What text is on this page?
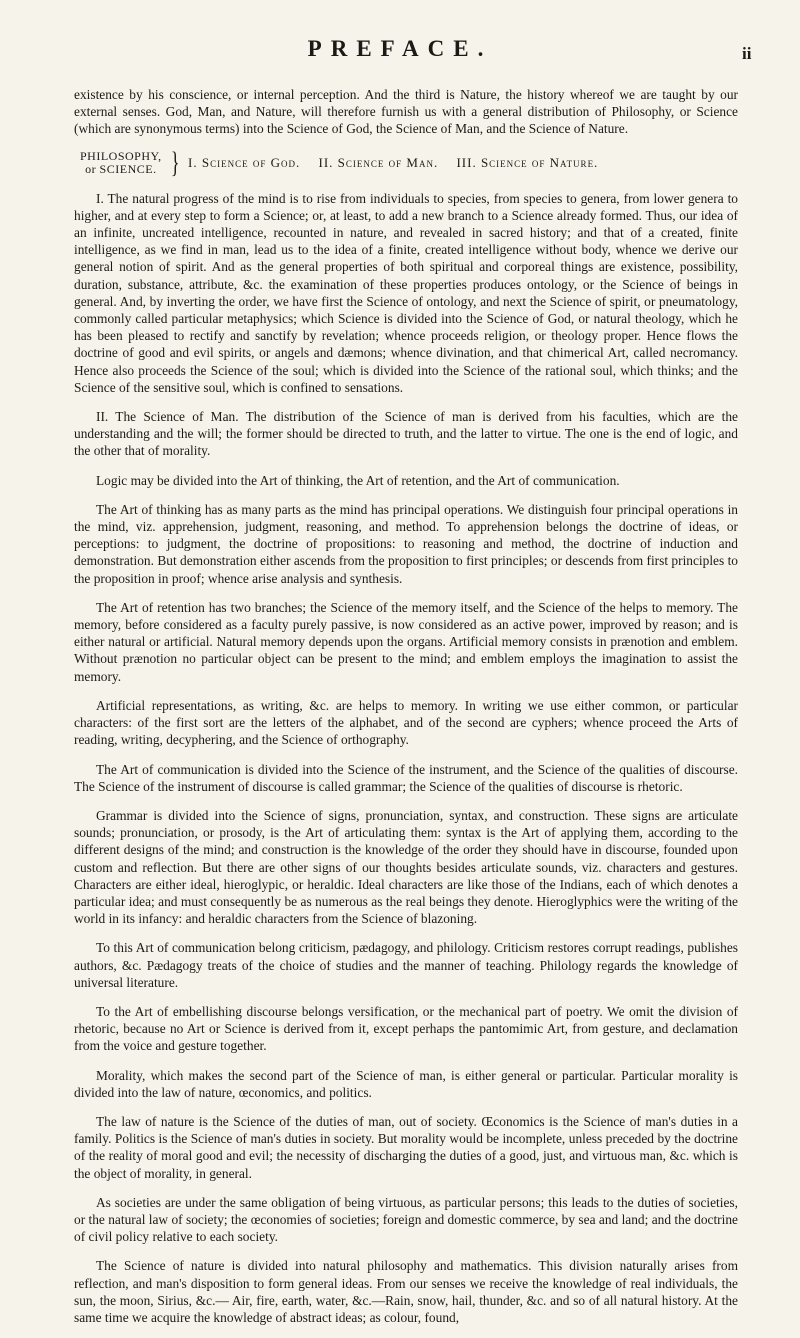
PREFACE.	ii

existence by his conscience, or internal perception. And the third is Nature, the history whereof we are taught by our external senses. God, Man, and Nature, will therefore furnish us with a general distribution of Philosophy, or Science (which are synonymous terms) into the Science of God, the Science of Man, and the Science of Nature.

PHILOSOPHY,
or SCIENCE. } I. Science of God. II. Science of Man. III. Science of Nature.

I. The natural progress of the mind is to rise from individuals to species, from species to genera, from lower genera to higher, and at every step to form a Science; or, at least, to add a new branch to a Science already formed. Thus, our idea of an infinite, uncreated intelligence, recounted in nature, and revealed in sacred history; and that of a created, finite intelligence, as we find in man, lead us to the idea of a finite, created intelligence without body, whence we derive our general notion of spirit. And as the general properties of both spiritual and corporeal things are existence, possibility, duration, substance, attribute, &c. the examination of these properties produces ontology, or the Science of beings in general. And, by inverting the order, we have first the Science of ontology, and next the Science of spirit, or pneumatology, commonly called particular metaphysics; which Science is divided into the Science of God, or natural theology, which he has been pleased to rectify and sanctify by revelation; whence proceeds religion, or theology proper. Hence flows the doctrine of good and evil spirits, or angels and dæmons; whence divination, and that chimerical Art, called necromancy. Hence also proceeds the Science of the soul; which is divided into the Science of the rational soul, which thinks; and the Science of the sensitive soul, which is confined to sensations.

II. The Science of Man. The distribution of the Science of man is derived from his faculties, which are the understanding and the will; the former should be directed to truth, and the latter to virtue. The one is the end of logic, and the other that of morality.

Logic may be divided into the Art of thinking, the Art of retention, and the Art of communication.

The Art of thinking has as many parts as the mind has principal operations. We distinguish four principal operations in the mind, viz. apprehension, judgment, reasoning, and method. To apprehension belongs the doctrine of ideas, or perceptions: to judgment, the doctrine of propositions: to reasoning and method, the doctrine of induction and demonstration. But demonstration either ascends from the proposition to first principles; or descends from first principles to the proposition in proof; whence arise analysis and synthesis.

The Art of retention has two branches; the Science of the memory itself, and the Science of the helps to memory. The memory, before considered as a faculty purely passive, is now considered as an active power, improved by reason; and is either natural or artificial. Natural memory depends upon the organs. Artificial memory consists in prænotion and emblem. Without prænotion no particular object can be present to the mind; and emblem employs the imagination to assist the memory.

Artificial representations, as writing, &c. are helps to memory. In writing we use either common, or particular characters: of the first sort are the letters of the alphabet, and of the second are cyphers; whence proceed the Arts of reading, writing, decyphering, and the Science of orthography.

The Art of communication is divided into the Science of the instrument, and the Science of the qualities of discourse. The Science of the instrument of discourse is called grammar; the Science of the qualities of discourse is rhetoric.

Grammar is divided into the Science of signs, pronunciation, syntax, and construction. These signs are articulate sounds; pronunciation, or prosody, is the Art of articulating them: syntax is the Art of applying them, according to the different designs of the mind; and construction is the knowledge of the order they should have in discourse, founded upon custom and reflection. But there are other signs of our thoughts besides articulate sounds, viz. characters and gestures. Characters are either ideal, hieroglypic, or heraldic. Ideal characters are like those of the Indians, each of which denotes a particular idea; and must consequently be as numerous as the real beings they denote. Hieroglyphics were the writing of the world in its infancy: and heraldic characters from the Science of blazoning.

To this Art of communication belong criticism, pædagogy, and philology. Criticism restores corrupt readings, publishes authors, &c. Pædagogy treats of the choice of studies and the manner of teaching. Philology regards the knowledge of universal literature.

To the Art of embellishing discourse belongs versification, or the mechanical part of poetry. We omit the division of rhetoric, because no Art or Science is derived from it, except perhaps the pantomimic Art, from gesture, and declamation from the voice and gesture together.

Morality, which makes the second part of the Science of man, is either general or particular. Particular morality is divided into the law of nature, œconomics, and politics.

The law of nature is the Science of the duties of man, out of society. Œconomics is the Science of man's duties in a family. Politics is the Science of man's duties in society. But morality would be incomplete, unless preceded by the doctrine of the reality of moral good and evil; the necessity of discharging the duties of a good, just, and virtuous man, &c. which is the object of morality, in general.

As societies are under the same obligation of being virtuous, as particular persons; this leads to the duties of societies, or the natural law of society; the œconomies of societies; foreign and domestic commerce, by sea and land; and the doctrine of civil policy relative to each society.

The Science of nature is divided into natural philosophy and mathematics. This division naturally arises from reflection, and man's disposition to form general ideas. From our senses we receive the knowledge of real individuals, the sun, the moon, Sirius, &c.— Air, fire, earth, water, &c.—Rain, snow, hail, thunder, &c. and so of all natural history. At the same time we acquire the knowledge of abstract ideas; as colour, found,
